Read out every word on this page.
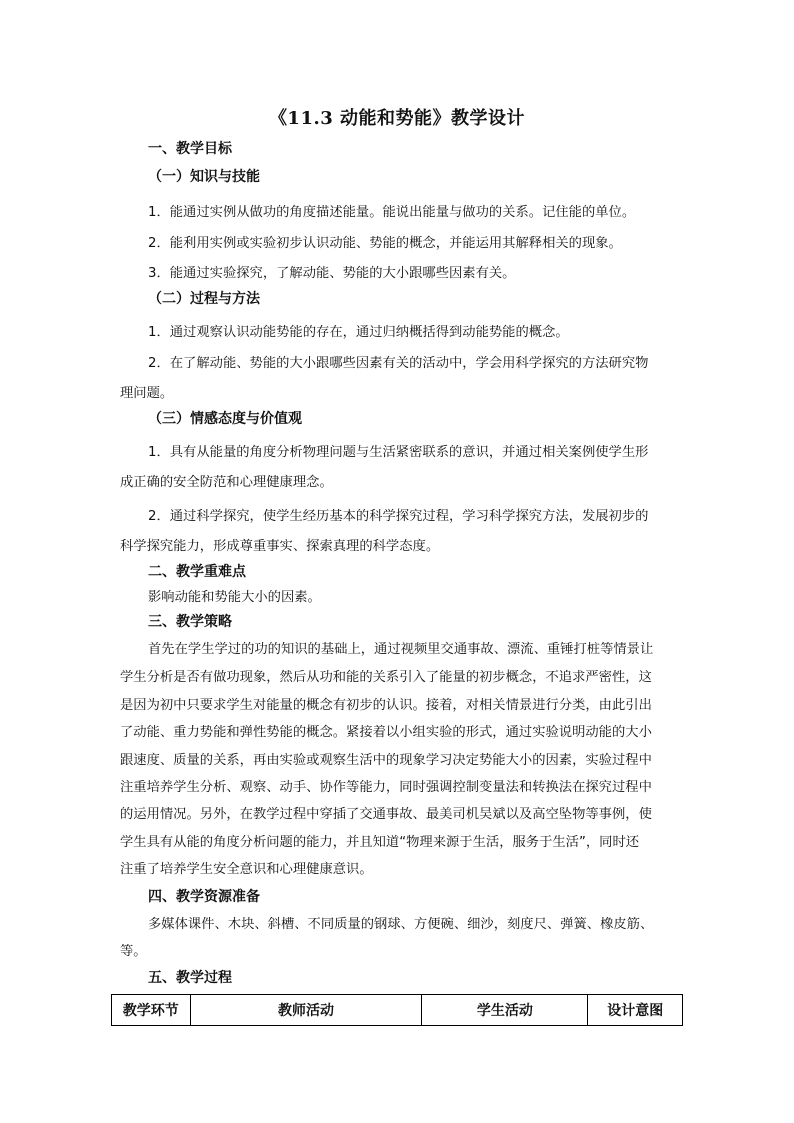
《11.3 动能和势能》教学设计
一、教学目标
（一）知识与技能
1．能通过实例从做功的角度描述能量。能说出能量与做功的关系。记住能的单位。
2．能利用实例或实验初步认识动能、势能的概念，并能运用其解释相关的现象。
3．能通过实验探究，了解动能、势能的大小跟哪些因素有关。
（二）过程与方法
1．通过观察认识动能势能的存在，通过归纳概括得到动能势能的概念。
2．在了解动能、势能的大小跟哪些因素有关的活动中，学会用科学探究的方法研究物
理问题。
（三）情感态度与价值观
1．具有从能量的角度分析物理问题与生活紧密联系的意识，并通过相关案例使学生形
成正确的安全防范和心理健康理念。
2．通过科学探究，使学生经历基本的科学探究过程，学习科学探究方法，发展初步的
科学探究能力，形成尊重事实、探索真理的科学态度。
二、教学重难点
影响动能和势能大小的因素。
三、教学策略
首先在学生学过的功的知识的基础上，通过视频里交通事故、漂流、重锤打桩等情景让
学生分析是否有做功现象，然后从功和能的关系引入了能量的初步概念，不追求严密性，这
是因为初中只要求学生对能量的概念有初步的认识。接着，对相关情景进行分类，由此引出
了动能、重力势能和弹性势能的概念。紧接着以小组实验的形式，通过实验说明动能的大小
跟速度、质量的关系，再由实验或观察生活中的现象学习决定势能大小的因素，实验过程中
注重培养学生分析、观察、动手、协作等能力，同时强调控制变量法和转换法在探究过程中
的运用情况。另外，在教学过程中穿插了交通事故、最美司机吴斌以及高空坠物等事例，使
学生具有从能的角度分析问题的能力，并且知道“物理来源于生活，服务于生活”，同时还
注重了培养学生安全意识和心理健康意识。
四、教学资源准备
多媒体课件、木块、斜槽、不同质量的钢球、方便碗、细沙，刻度尺、弹簧、橡皮筋、
等。
五、教学过程
教学环节	教师活动	学生活动	设计意图
